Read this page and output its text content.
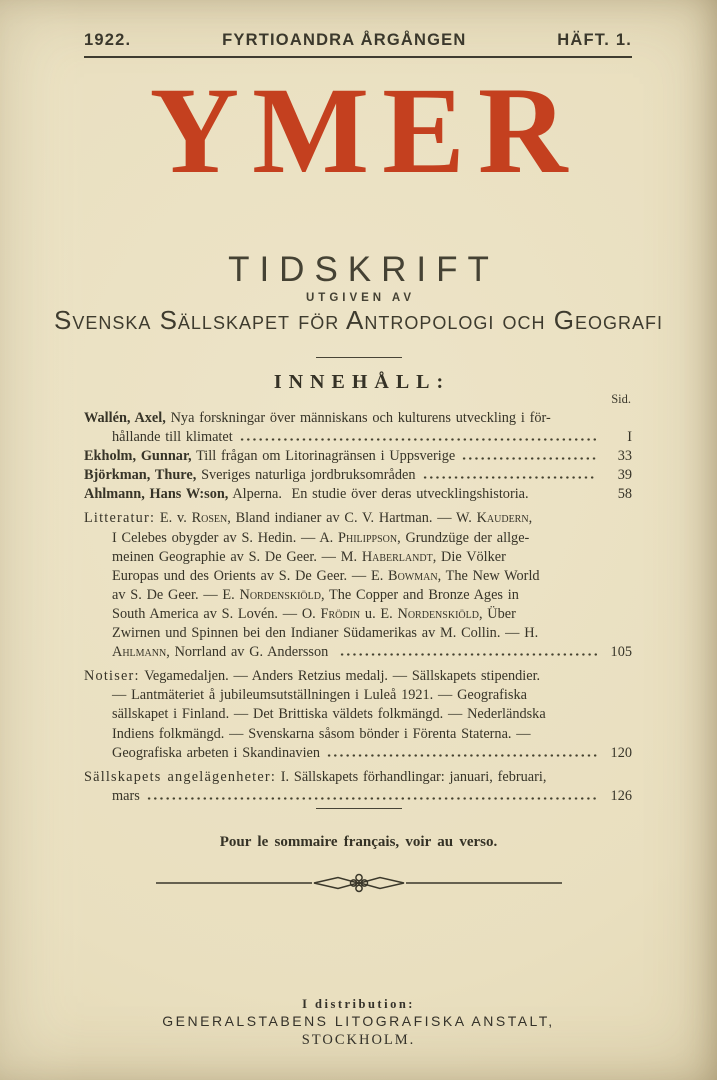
1922.	FYRTIOANDRA ÅRGÅNGEN	HÄFT. 1.
YMER
TIDSKRIFT
UTGIVEN AV
Svenska Sällskapet för Antropologi och Geografi
INNEHÅLL:
Sid.
Wallén, Axel, Nya forskningar över människans och kulturens utveckling i för-
hållande till klimatet	I
Ekholm, Gunnar, Till frågan om Litorinagränsen i Uppsverige	33
Björkman, Thure, Sveriges naturliga jordbruksområden	39
Ahlmann, Hans W:son, Alperna.  En studie över deras utvecklingshistoria.	58
Litteratur: E. v. Rosen, Bland indianer av C. V. Hartman. — W. Kaudern,
I Celebes obygder av S. Hedin. — A. Philippson, Grundzüge der allge-
meinen Geographie av S. De Geer. — M. Haberlandt, Die Völker
Europas und des Orients av S. De Geer. — E. Bowman, The New World
av S. De Geer. — E. Nordenskiöld, The Copper and Bronze Ages in
South America av S. Lovén. — O. Frödin u. E. Nordenskiöld, Über
Zwirnen und Spinnen bei den Indianer Südamerikas av M. Collin. — H.
Ahlmann, Norrland av G. Andersson	105
Notiser: Vegamedaljen. — Anders Retzius medalj. — Sällskapets stipendier.
— Lantmäteriet å jubileumsutställningen i Luleå 1921. — Geografiska
sällskapet i Finland. — Det Brittiska väldets folkmängd. — Nederländska
Indiens folkmängd. –– Svenskarna såsom bönder i Förenta Staterna. —
Geografiska arbeten i Skandinavien	120
Sällskapets angelägenheter: I. Sällskapets förhandlingar: januari, februari,
mars	126
Pour le sommaire français, voir au verso.
I distribution:
GENERALSTABENS LITOGRAFISKA ANSTALT,
STOCKHOLM.
